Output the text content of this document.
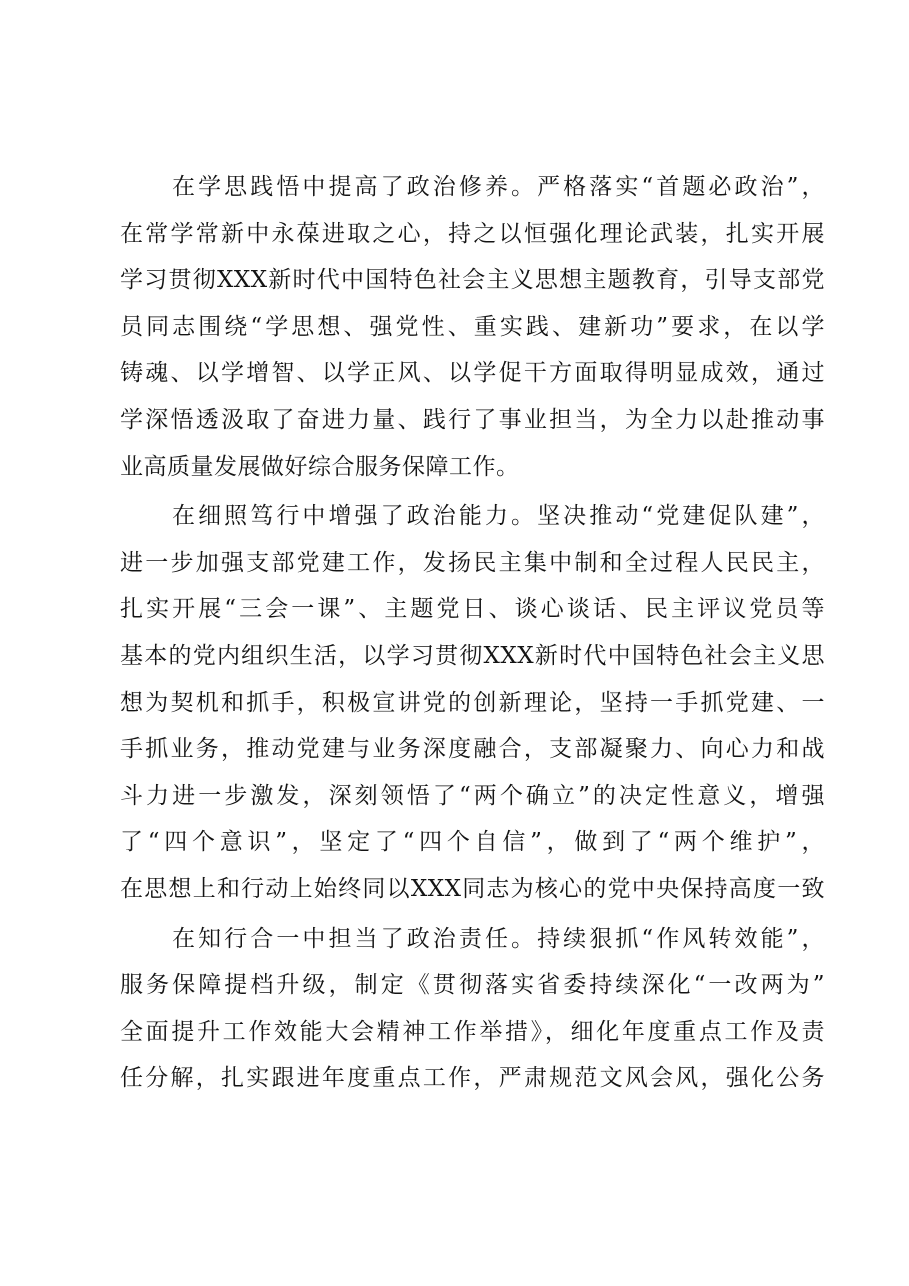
在学思践悟中提高了政治修养。严格落实“首题必政治”，
在常学常新中永葆进取之心，持之以恒强化理论武装，扎实开展
学习贯彻XXX新时代中国特色社会主义思想主题教育，引导支部党
员同志围绕“学思想、强党性、重实践、建新功”要求，在以学
铸魂、以学增智、以学正风、以学促干方面取得明显成效，通过
学深悟透汲取了奋进力量、践行了事业担当，为全力以赴推动事
业高质量发展做好综合服务保障工作。
在细照笃行中增强了政治能力。坚决推动“党建促队建”，
进一步加强支部党建工作，发扬民主集中制和全过程人民民主，
扎实开展“三会一课”、主题党日、谈心谈话、民主评议党员等
基本的党内组织生活，以学习贯彻XXX新时代中国特色社会主义思
想为契机和抓手，积极宣讲党的创新理论，坚持一手抓党建、一
手抓业务，推动党建与业务深度融合，支部凝聚力、向心力和战
斗力进一步激发，深刻领悟了“两个确立”的决定性意义，增强
了“四个意识”，坚定了“四个自信”，做到了“两个维护”，
在思想上和行动上始终同以XXX同志为核心的党中央保持高度一致
在知行合一中担当了政治责任。持续狠抓“作风转效能”，
服务保障提档升级，制定《贯彻落实省委持续深化“一改两为”
全面提升工作效能大会精神工作举措》，细化年度重点工作及责
任分解，扎实跟进年度重点工作，严肃规范文风会风，强化公务
